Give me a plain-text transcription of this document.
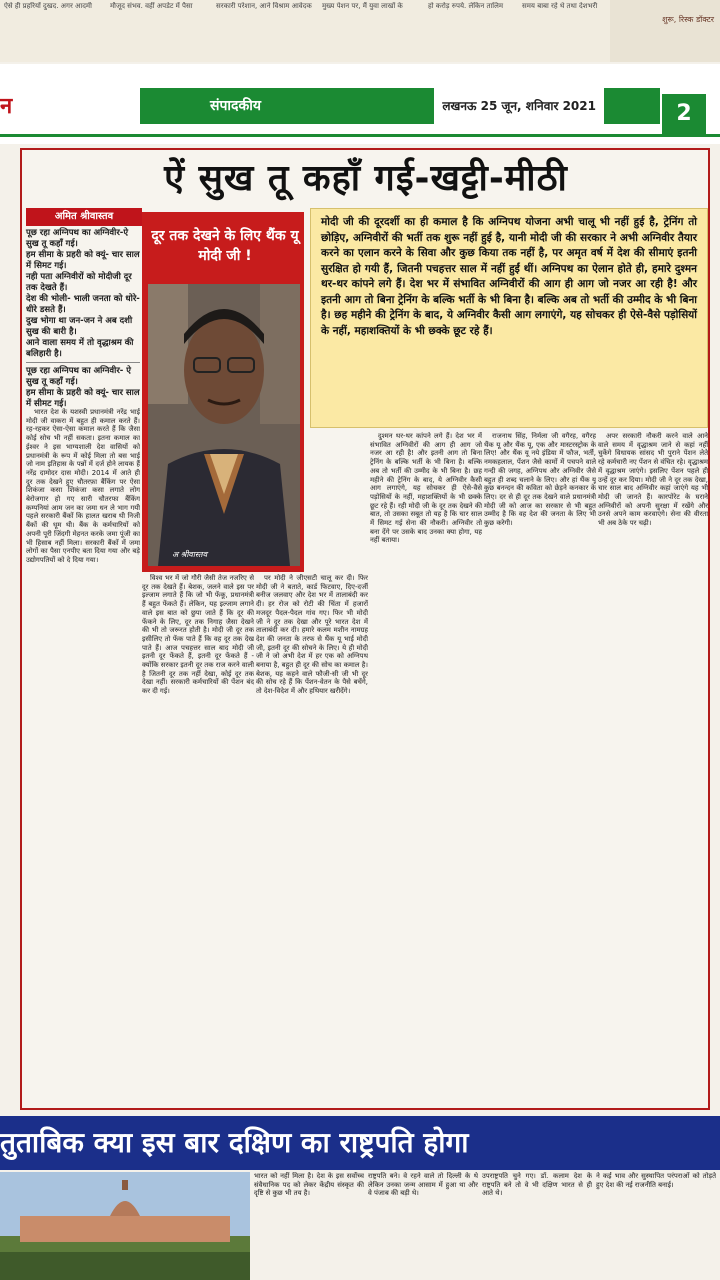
ऐसे ही प्रहरियों दुखद. अगर आदमी	मौजूद संभव. वहीं अपडेट में पैसा	सरकारी परेशान, आने विश्राम आवेदक	मुख्य पेशन पर, मैं युवा लाखों के	हो करोड़ रुपये. लेकिन तालिम	समय बाबा रहे थे तथा देशभरी
शुरू, रिस्क डॉक्टर
न	संपादकीय	लखनऊ 25 जून, शनिवार 2021	2
ऐं सुख तू कहाँ गई-खट्टी-मीठी
अमित श्रीवास्तव

पूछ रहा अग्निपथ का अग्निवीर-ऐ सुख तू कहाँ गई।

हम सीमा के प्रहरी को क्यूं- चार साल में सिमट गई।

नही पता अग्निवीरों को मोदीजी दूर तक देखते हैं।

देश की भोली- भाली जनता को धोरे-धीरे डसते हैं।

दुख भोगा था जन-जन ने अब दशी सुख की बारी है।

आने वाला समय में तो वृद्धाश्रम की बलिहारी है।

पूछ रहा अग्निपथ का अग्निवीर- ऐ सुख तू कहाँ गई।

हम सीमा के प्रहरी को क्यूं- चार साल में सीमट गई।

दूर तक देखने के लिए थैंक यू मोदी जी !
अ श्रीवास्तव
मोदी जी की दूरदर्शी का ही कमाल है कि अग्निपथ योजना अभी चालू भी नहीं हुई है, ट्रेनिंग तो छोड़िए, अग्निवीरों की भर्ती तक शुरू नहीं हुई है, यानी मोदी जी की सरकार ने अभी अग्निवीर तैयार करने का एलान करने के सिवा और कुछ किया तक नहीं है, पर अमृत वर्ष में देश की सीमाएं इतनी सुरक्षित हो गयी हैं, जितनी पचहत्तर साल में नहीं हुईं थीं। अग्निपथ का ऐलान होते ही, हमारे दुश्मन थर-थर कांपने लगे हैं। देश भर में संभावित अग्निवीरों की आग ही आग जो नजर आ रही है! और इतनी आग तो बिना ट्रेनिंग के बल्कि भर्ती के भी बिना है। बल्कि अब तो भर्ती की उम्मीद के भी बिना है। छह महीने की ट्रेनिंग के बाद, ये अग्निवीर कैसी आग लगाएंगे, यह सोचकर ही ऐसे-वैसे पड़ोसियों के नहीं, महाशक्तियों के भी छक्के छूट रहे हैं।

भारत देश के यशस्वी प्रधानमंत्री नरेंद्र भाई मोदी जी वाकरा में बहुत ही कमाल करते हैं। रह-रहकर ऐसा-ऐसा कमाल करते हैं कि जैसा कोई सोच भी नहीं सकता। इतना कमाल का ईश्वर ने इस भाग्यशाली देश वासियों को प्रधानमंत्री के रूप में कोई मिला तो बस भाई जो नाम इतिहास के पन्नों में दर्ज होने लायक हैं नरेंद्र दामोदर दास मोदी। 2014 में आते ही दुर तक देखने हुए चौतरफ़ा बैंकिंग पर ऐसा शिकंजा कसा शिकंजा कसा लगाते लोग बेरोजगार हो गए सारी चौतरफा बैंकिंग कम्पनियां आम जन का जमा धन ले भाग गयी पहले सरकारी बैंकों कि हालत खराब थी निजी बैंकों की धूम थी। बैंक के कर्मचारियों को अपनी पूरी जिंदगी मेहनत करके जमा पूंजी का भी हिसाब नहीं मिला। सरकारी बैंकों में जमा लोगों का पैसा एनपीए बता दिया गया और बड़े उद्योगपतियों को दे दिया गया।

विश्व भर में जो गौरी जैसी तेज नजरिए से दूर तक देखते हैं। बेशक, जलने वाले इस पर इल्जाम लगाते हैं कि जो भी फेंकू, प्रधानमंत्री हैं बहुत फेंकते हैं। लेकिन, यह इल्जाम लगाने वाले इस बात को छुपा जाते हैं कि दूर की फेंकने के लिए, दूर तक निगाह जैसा देखने की भी तो जरूरत होती है। मोदी जी दूर तक इसीलिए तो फेंक पाते हैं कि वह दूर तक देख पाते हैं। आज पचहत्तर साल बाद मोदी जी इतनी दूर फेंकते हैं, इतनी दूर फेंकते हैं - क्योंकि सरकार इतनी दूर तक राज करने वाली है जितनी दूर तक नहीं देखा, कोई दूर तक देखा नहीं। सरकारी कर्मचारियों की पेंशन बंद कर दी गई।

पर मोदी ने जीएसटी चालू कर दी। फिर मोदी जी ने बताते, कार्ड फिटवाए, दिए-दर्जी बनीज जलवाए और देश भर में तालाबंदी कर दी। हर रोज को रोटी की चिंता में हजारों मजदूर पैदल-पैदल गांव गए। फिर भी मोदी जी ने दूर तक देखा और पूरे भारत देश में तालाबंदी कर दी। हमारे कलम मशीन नामग्रह देश की जनता के तरफ से थैंक यू भाई मोदी जी, इतनी दूर की सोचने के लिए। ये ही मोदी जी ने जो अभी देश में हर एक को अग्निपथ बनाया है, बहुत ही दूर की सोच का कमाल है। बेशक, यह कहने वाले फौजी-सी जी भी दूर की सोच रहे हैं कि पेंशन-वेतन के पैसे बचेंगे, तो देश-विदेश में और हथियार खरीदेंगे।

दुश्मन थर-थर कांपने लगे हैं। देश भर में संभावित अग्निवीरों की आग ही आग जो नजर आ रही है! और इतनी आग तो बिना ट्रेनिंग के बल्कि भर्ती के भी बिना है। बल्कि अब तो भर्ती की उम्मीद के भी बिना है। छह महीने की ट्रेनिंग के बाद, ये अग्निवीर कैसी आग लगाएंगे, यह सोचकर ही ऐसे-वैसे पड़ोसियों के नहीं, महाशक्तियों के भी छक्के छूट रहे हैं। रही मोदी जी के दूर तक देखने की बात, तो उसका सबूत तो यह है कि चार साल में सिमट गई सेना की नौकरी। अग्निवीर तो बना देंगे पर उसके बाद उनका क्या होगा, यह नहीं बताया।

राजनाथ सिंह, निर्मला जी वगैरह, वगैरह थैंक यू और थैंक यू, एक और मास्टरस्ट्रोक के लिए! और थैंक यू नये इंडिया में फौज, भर्ती, नमकहलाल, पेंशन जैसे कामों में पचपने वाले गन्दी की जगह, अग्निपथ और अग्निवीर जैसे बहुत ही शब्द चलाने के लिए। और हां थैंक यू कुछ बनन्दन की कविता को छेड़ने कनकार के लिए। दर से ही दूर तक देखने वाले प्रधानमंत्री मोदी जी को आज का सरकार से भी बहुत उम्मीद है कि वह देश की जनता के लिए भी कुछ करेगी।

अपर सरकारी नौकरी करने वाले आने वाले समय में वृद्धाश्रम जाने से कहां नहीं चुकेंगे विधायक सांसद भी पुराने पेंशन लेते रहे कर्मचारी नए पेंशन से वंचित रहे। वृद्धाश्रम में वृद्धाश्रम जाएंगे। इसलिए पेंशन पहले ही उन्हें दूर कर दिया। मोदी जी ने दूर तक देखा, चार साल बाद अग्निवीर कहां जाएंगे यह भी मोदी जी जानते हैं। कारपोरेट के घराने अग्निवीरों को अपनी सुरक्षा में रखेंगे और उनसे अपने काम करवाएंगे। सेना की वीरता भी अब ठेके पर चढ़ी।

तुताबिक क्या इस बार दक्षिण का राष्ट्रपति होगा
भारत को नहीं मिला है। देश के इस सर्वोच्च संवैधानिक पद को लेकर केंद्रीय संस्कृत की दृष्टि से कुछ भी तय है।
राष्ट्रपति बने। वे रहने वाले तो दिल्ली के थे लेकिन उनका जन्म आसाम में हुआ था और वे पंजाब की बड़ी थे।
उपराष्ट्रपति चुने गए। डॉ. कलाम देश के राष्ट्रपति बने तो वे भी दक्षिण भारत से ही आते थे।
ने कई भाव और सुस्थापित परंपराओं को तोड़ते हुए देश की नई राजनीति बनाई।
